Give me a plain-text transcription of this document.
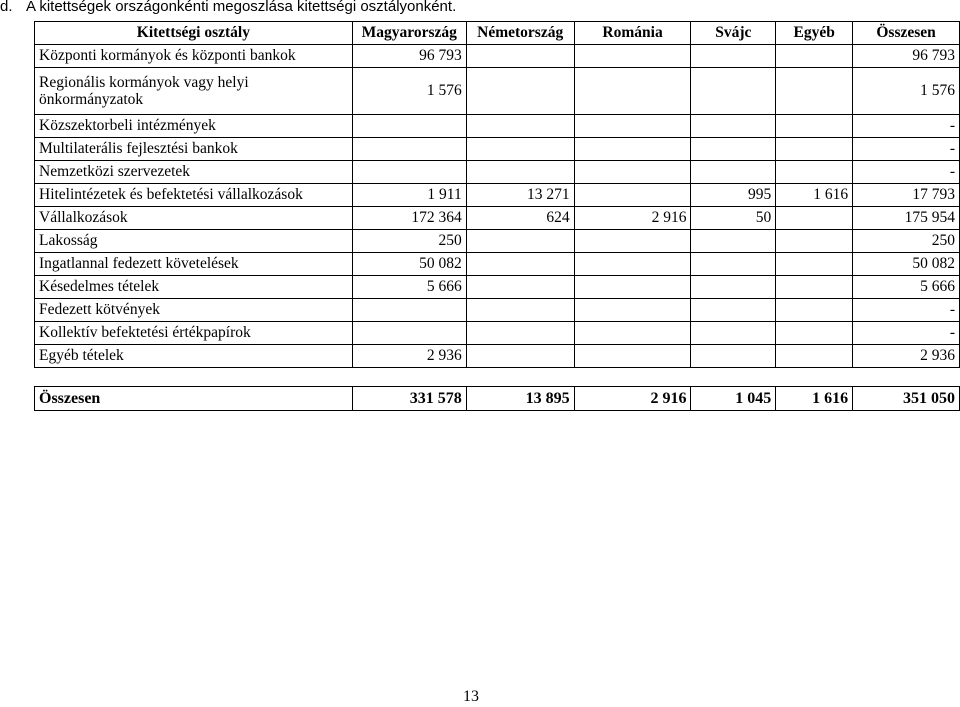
d. A kitettségek országonkénti megoszlása kitettségi osztályonként.
Kitettségi osztály	Magyarország	Németország	Románia	Svájc	Egyéb	Összesen
Központi kormányok és központi bankok	96 793					96 793

Regionális kormányok vagy helyi önkormányzatok	1 576					1 576
Közszektorbeli intézmények						-
Multilaterális fejlesztési bankok						-
Nemzetközi szervezetek						-
Hitelintézetek és befektetési vállalkozások	1 911	13 271		995	1 616	17 793
Vállalkozások	172 364	624	2 916	50		175 954
Lakosság	250					250
Ingatlannal fedezett követelések	50 082					50 082
Késedelmes tételek	5 666					5 666
Fedezett kötvények						-
Kollektív befektetési értékpapírok						-
Egyéb tételek	2 936					2 936

Összesen	331 578	13 895	2 916	1 045	1 616	351 050
13
